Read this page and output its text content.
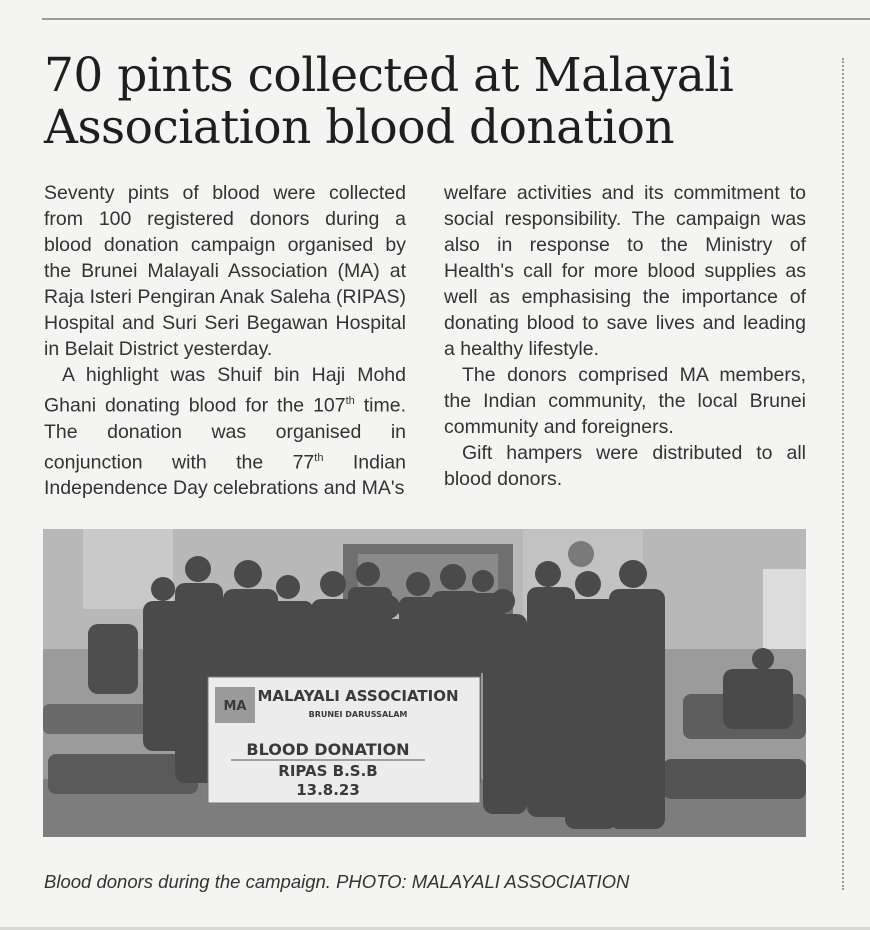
70 pints collected at Malayali Association blood donation

Seventy pints of blood were collected from 100 registered donors during a blood donation campaign organised by the Brunei Malayali Association (MA) at Raja Isteri Pengiran Anak Saleha (RIPAS) Hospital and Suri Seri Begawan Hospital in Belait District yesterday.

A highlight was Shuif bin Haji Mohd Ghani donating blood for the 107th time. The donation was organised in conjunction with the 77th Indian Independence Day celebrations and MA's

welfare activities and its commitment to social responsibility. The campaign was also in response to the Ministry of Health's call for more blood supplies as well as emphasising the importance of donating blood to save lives and leading a healthy lifestyle.

The donors comprised MA members, the Indian community, the local Brunei community and foreigners.

Gift hampers were distributed to all blood donors.

MA
MALAYALI ASSOCIATION
BRUNEI DARUSSALAM
BLOOD DONATION
RIPAS B.S.B
13.8.23
Blood donors during the campaign. PHOTO: MALAYALI ASSOCIATION
